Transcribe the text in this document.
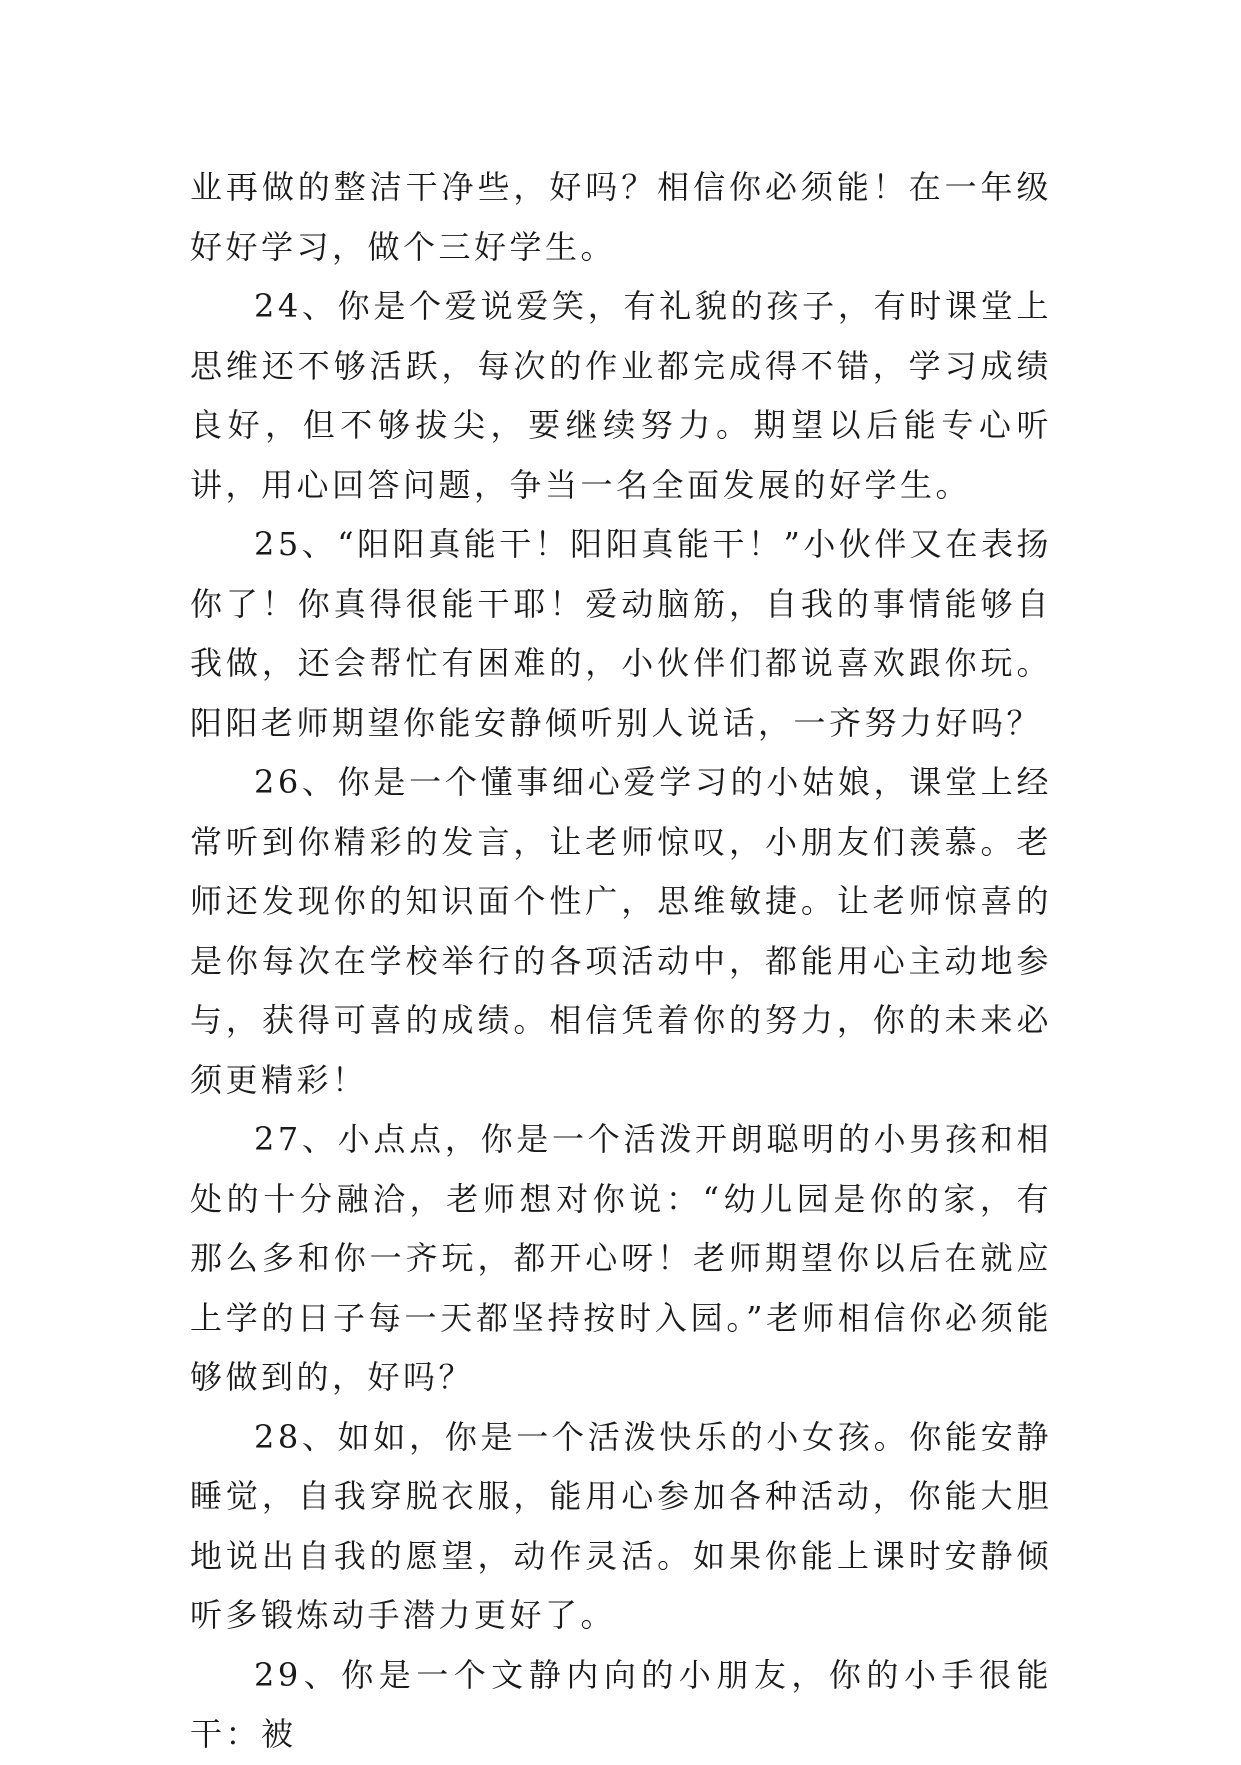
业再做的整洁干净些，好吗？相信你必须能！在一年级好好学习，做个三好学生。

24、你是个爱说爱笑，有礼貌的孩子，有时课堂上思维还不够活跃，每次的作业都完成得不错，学习成绩良好，但不够拔尖，要继续努力。期望以后能专心听讲，用心回答问题，争当一名全面发展的好学生。

25、“阳阳真能干！阳阳真能干！”小伙伴又在表扬你了！你真得很能干耶！爱动脑筋，自我的事情能够自我做，还会帮忙有困难的，小伙伴们都说喜欢跟你玩。阳阳老师期望你能安静倾听别人说话，一齐努力好吗？

26、你是一个懂事细心爱学习的小姑娘，课堂上经常听到你精彩的发言，让老师惊叹，小朋友们羡慕。老师还发现你的知识面个性广，思维敏捷。让老师惊喜的是你每次在学校举行的各项活动中，都能用心主动地参与，获得可喜的成绩。相信凭着你的努力，你的未来必须更精彩！

27、小点点，你是一个活泼开朗聪明的小男孩和相处的十分融洽，老师想对你说：“幼儿园是你的家，有那么多和你一齐玩，都开心呀！老师期望你以后在就应上学的日子每一天都坚持按时入园。”老师相信你必须能够做到的，好吗？

28、如如，你是一个活泼快乐的小女孩。你能安静睡觉，自我穿脱衣服，能用心参加各种活动，你能大胆地说出自我的愿望，动作灵活。如果你能上课时安静倾听多锻炼动手潜力更好了。

29、你是一个文静内向的小朋友，你的小手很能干：被
